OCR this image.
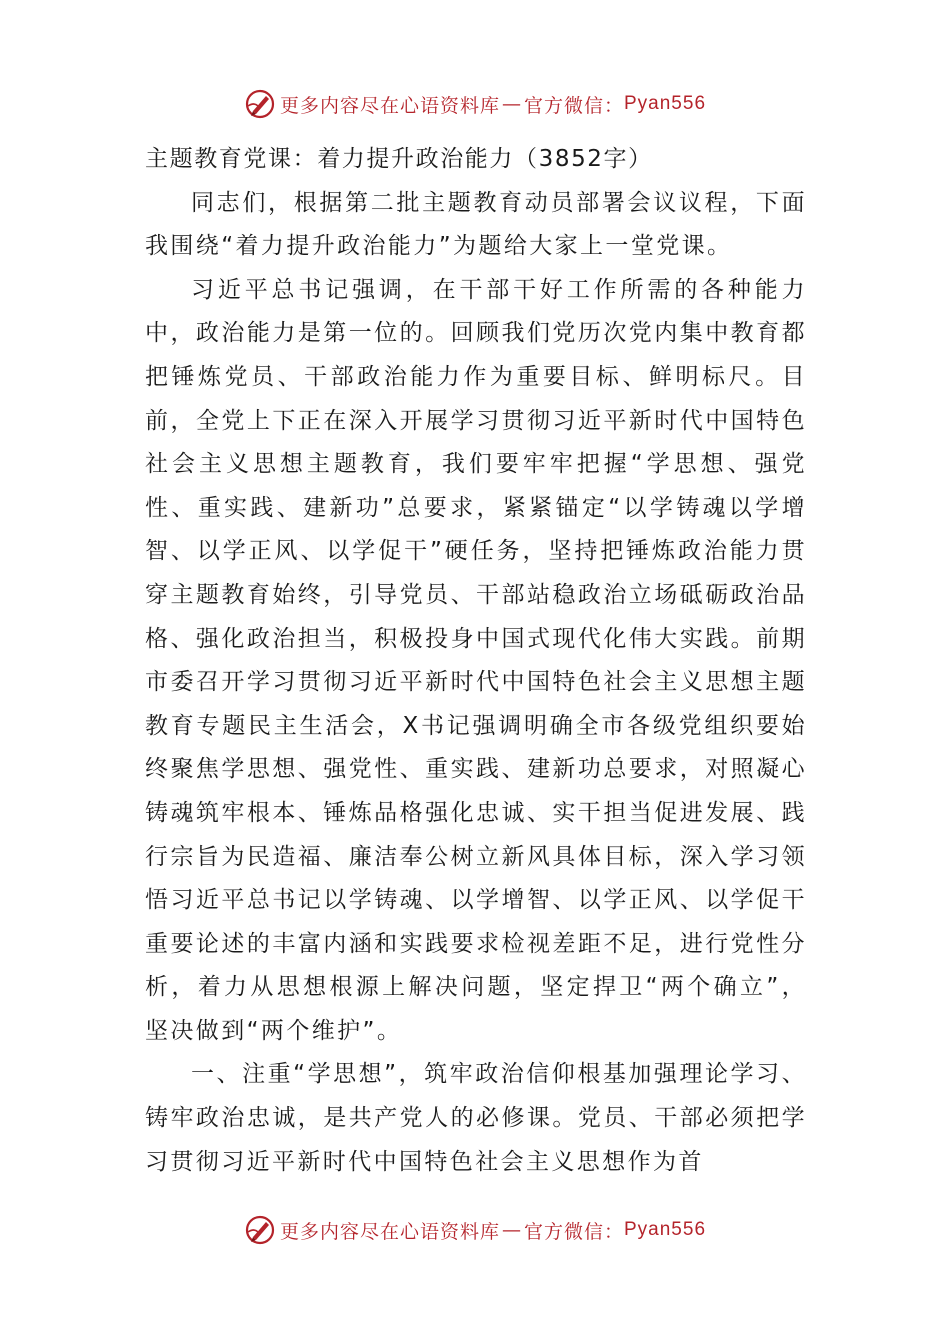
更多内容尽在心语资料库 — 官方微信： Pyan556

主题教育党课：着力提升政治能力（3852字）

同志们，根据第二批主题教育动员部署会议议程，下面我围绕“着力提升政治能力”为题给大家上一堂党课。

习近平总书记强调，在干部干好工作所需的各种能力中，政治能力是第一位的。回顾我们党历次党内集中教育都把锤炼党员、干部政治能力作为重要目标、鲜明标尺。目前，全党上下正在深入开展学习贯彻习近平新时代中国特色社会主义思想主题教育，我们要牢牢把握“学思想、强党性、重实践、建新功”总要求，紧紧锚定“以学铸魂以学增智、以学正风、以学促干”硬任务，坚持把锤炼政治能力贯穿主题教育始终，引导党员、干部站稳政治立场砥砺政治品格、强化政治担当，积极投身中国式现代化伟大实践。前期市委召开学习贯彻习近平新时代中国特色社会主义思想主题教育专题民主生活会，X书记强调明确全市各级党组织要始终聚焦学思想、强党性、重实践、建新功总要求，对照凝心铸魂筑牢根本、锤炼品格强化忠诚、实干担当促进发展、践行宗旨为民造福、廉洁奉公树立新风具体目标，深入学习领悟习近平总书记以学铸魂、以学增智、以学正风、以学促干重要论述的丰富内涵和实践要求检视差距不足，进行党性分析，着力从思想根源上解决问题，坚定捍卫“两个确立”，坚决做到“两个维护”。

一、注重“学思想”，筑牢政治信仰根基加强理论学习、铸牢政治忠诚，是共产党人的必修课。党员、干部必须把学习贯彻习近平新时代中国特色社会主义思想作为首

更多内容尽在心语资料库 — 官方微信： Pyan556
